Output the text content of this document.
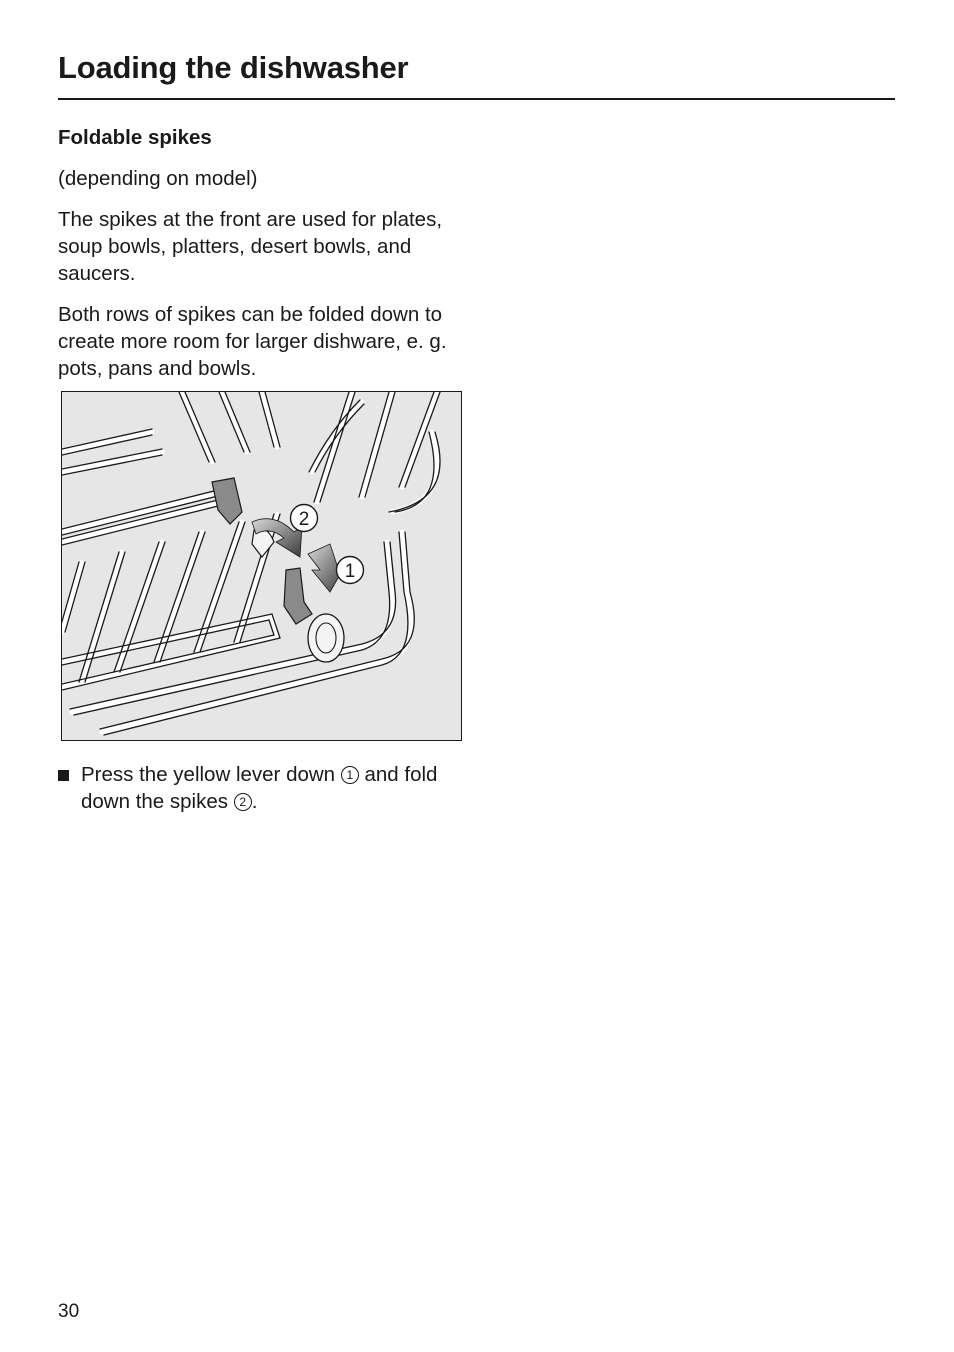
Loading the dishwasher

Foldable spikes

(depending on model)

The spikes at the front are used for plates, soup bowls, platters, desert bowls, and saucers.

Both rows of spikes can be folded down to create more room for larger dishware, e. g. pots, pans and bowls.

2
1
Press the yellow lever down 1 and fold down the spikes 2 .
30
